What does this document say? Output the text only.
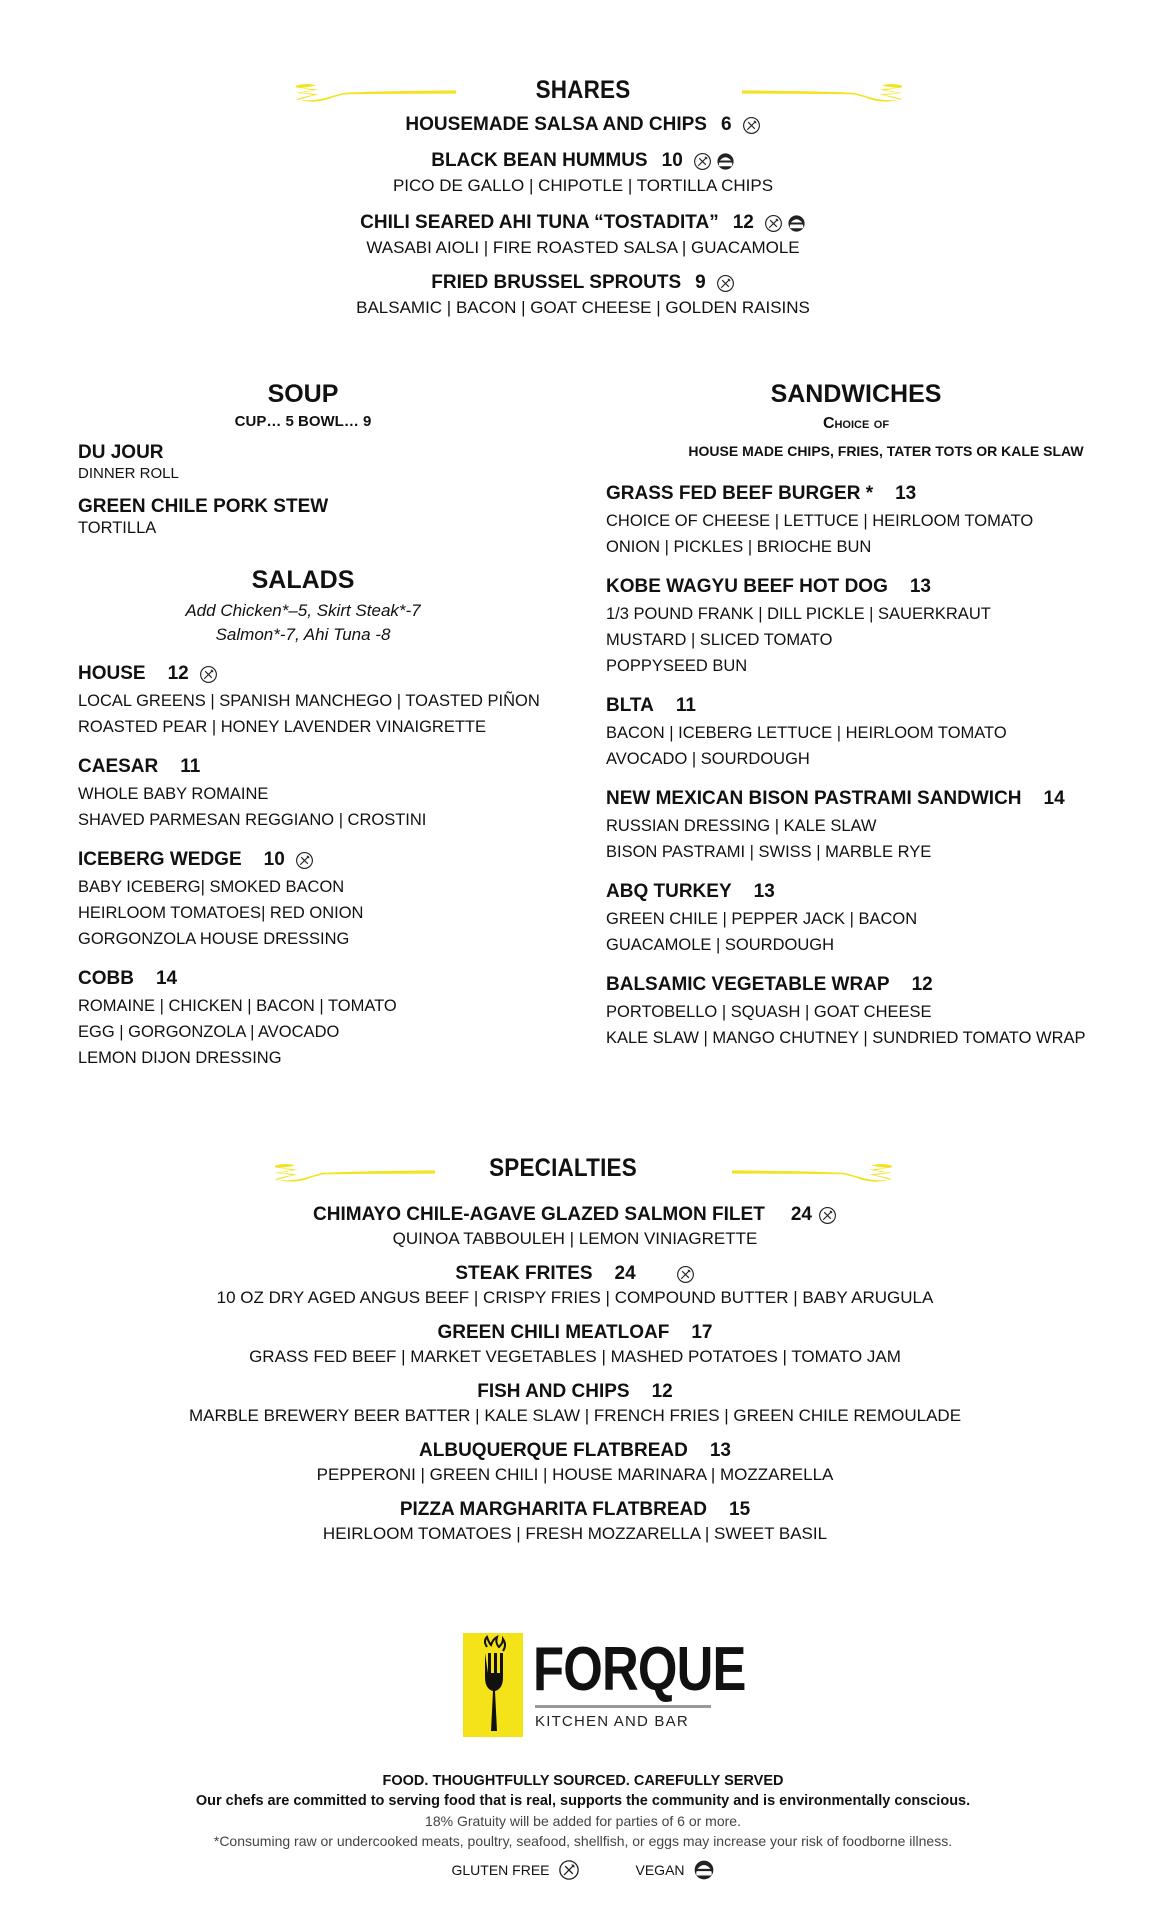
SHARES
HOUSEMADE SALSA AND CHIPS 6
BLACK BEAN HUMMUS 10
PICO DE GALLO | CHIPOTLE | TORTILLA CHIPS
CHILI SEARED AHI TUNA “TOSTADITA” 12
WASABI AIOLI | FIRE ROASTED SALSA | GUACAMOLE
FRIED BRUSSEL SPROUTS 9
BALSAMIC | BACON | GOAT CHEESE | GOLDEN RAISINS
SOUP
CUP… 5 BOWL… 9
DU JOUR
DINNER ROLL
GREEN CHILE PORK STEW
TORTILLA
SALADS
Add Chicken*–5, Skirt Steak*-7
Salmon*-7, Ahi Tuna -8
HOUSE 12
LOCAL GREENS | SPANISH MANCHEGO | TOASTED PIÑON
ROASTED PEAR | HONEY LAVENDER VINAIGRETTE
CAESAR 11
WHOLE BABY ROMAINE
SHAVED PARMESAN REGGIANO | CROSTINI
ICEBERG WEDGE 10
BABY ICEBERG| SMOKED BACON
HEIRLOOM TOMATOES| RED ONION
GORGONZOLA HOUSE DRESSING
COBB 14
ROMAINE | CHICKEN | BACON | TOMATO
EGG | GORGONZOLA | AVOCADO
LEMON DIJON DRESSING
SANDWICHES
Choice of
HOUSE MADE CHIPS, FRIES, TATER TOTS OR KALE SLAW
GRASS FED BEEF BURGER * 13
CHOICE OF CHEESE | LETTUCE | HEIRLOOM TOMATO
ONION | PICKLES | BRIOCHE BUN
KOBE WAGYU BEEF HOT DOG 13
1/3 POUND FRANK | DILL PICKLE | SAUERKRAUT
MUSTARD | SLICED TOMATO
POPPYSEED BUN
BLTA 11
BACON | ICEBERG LETTUCE | HEIRLOOM TOMATO
AVOCADO | SOURDOUGH
NEW MEXICAN BISON PASTRAMI SANDWICH 14
RUSSIAN DRESSING | KALE SLAW
BISON PASTRAMI | SWISS | MARBLE RYE
ABQ TURKEY 13
GREEN CHILE | PEPPER JACK | BACON
GUACAMOLE | SOURDOUGH
BALSAMIC VEGETABLE WRAP 12
PORTOBELLO | SQUASH | GOAT CHEESE
KALE SLAW | MANGO CHUTNEY | SUNDRIED TOMATO WRAP
SPECIALTIES
CHIMAYO CHILE-AGAVE GLAZED SALMON FILET 24
QUINOA TABBOULEH | LEMON VINIAGRETTE
STEAK FRITES 24
10 OZ DRY AGED ANGUS BEEF | CRISPY FRIES | COMPOUND BUTTER | BABY ARUGULA
GREEN CHILI MEATLOAF 17
GRASS FED BEEF | MARKET VEGETABLES | MASHED POTATOES | TOMATO JAM
FISH AND CHIPS 12
MARBLE BREWERY BEER BATTER | KALE SLAW | FRENCH FRIES | GREEN CHILE REMOULADE
ALBUQUERQUE FLATBREAD 13
PEPPERONI | GREEN CHILI | HOUSE MARINARA | MOZZARELLA
PIZZA MARGHARITA FLATBREAD 15
HEIRLOOM TOMATOES | FRESH MOZZARELLA | SWEET BASIL
FORQUE
KITCHEN AND BAR
FOOD. THOUGHTFULLY SOURCED. CAREFULLY SERVED
Our chefs are committed to serving food that is real, supports the community and is environmentally conscious.
18% Gratuity will be added for parties of 6 or more.
*Consuming raw or undercooked meats, poultry, seafood, shellfish, or eggs may increase your risk of foodborne illness.
GLUTEN FREE	VEGAN
